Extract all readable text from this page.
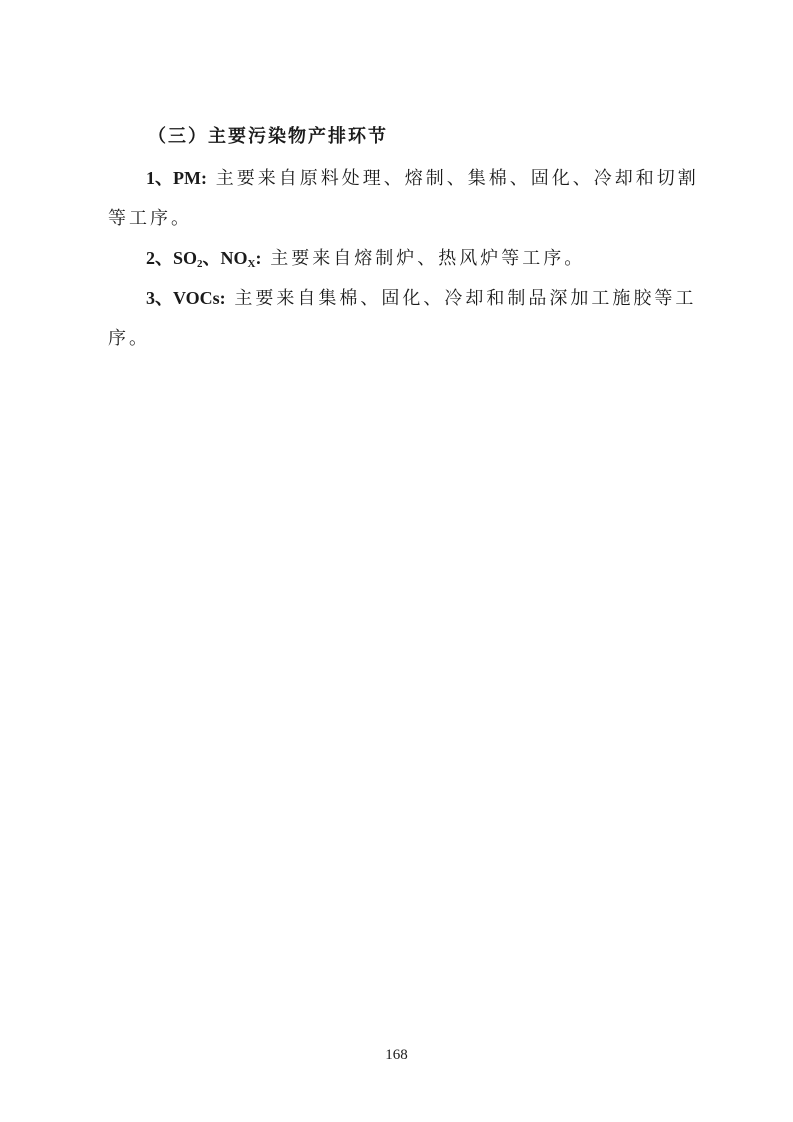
（三）主要污染物产排环节

1、PM: 主要来自原料处理、熔制、集棉、固化、冷却和切割等工序。

2、$SO_2$、$NO_X$: 主要来自熔制炉、热风炉等工序。

3、VOCs: 主要来自集棉、固化、冷却和制品深加工施胶等工序。

168
